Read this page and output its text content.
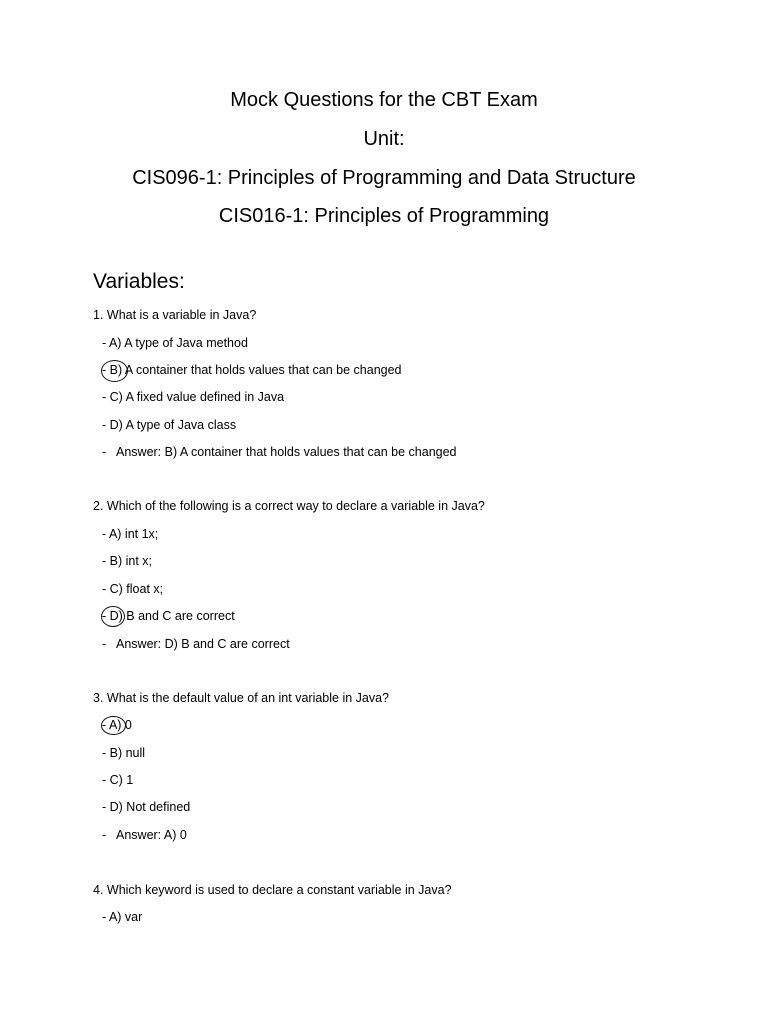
Mock Questions for the CBT Exam
Unit:
CIS096-1: Principles of Programming and Data Structure
CIS016-1: Principles of Programming
Variables:
1. What is a variable in Java?
- A) A type of Java method
- B) A container that holds values that can be changed
- C) A fixed value defined in Java
- D) A type of Java class
- Answer: B) A container that holds values that can be changed
2. Which of the following is a correct way to declare a variable in Java?
- A) int 1x;
- B) int x;
- C) float x;
- D) B and C are correct
- Answer: D) B and C are correct
3. What is the default value of an int variable in Java?
- A) 0
- B) null
- C) 1
- D) Not defined
- Answer: A) 0
4. Which keyword is used to declare a constant variable in Java?
- A) var
